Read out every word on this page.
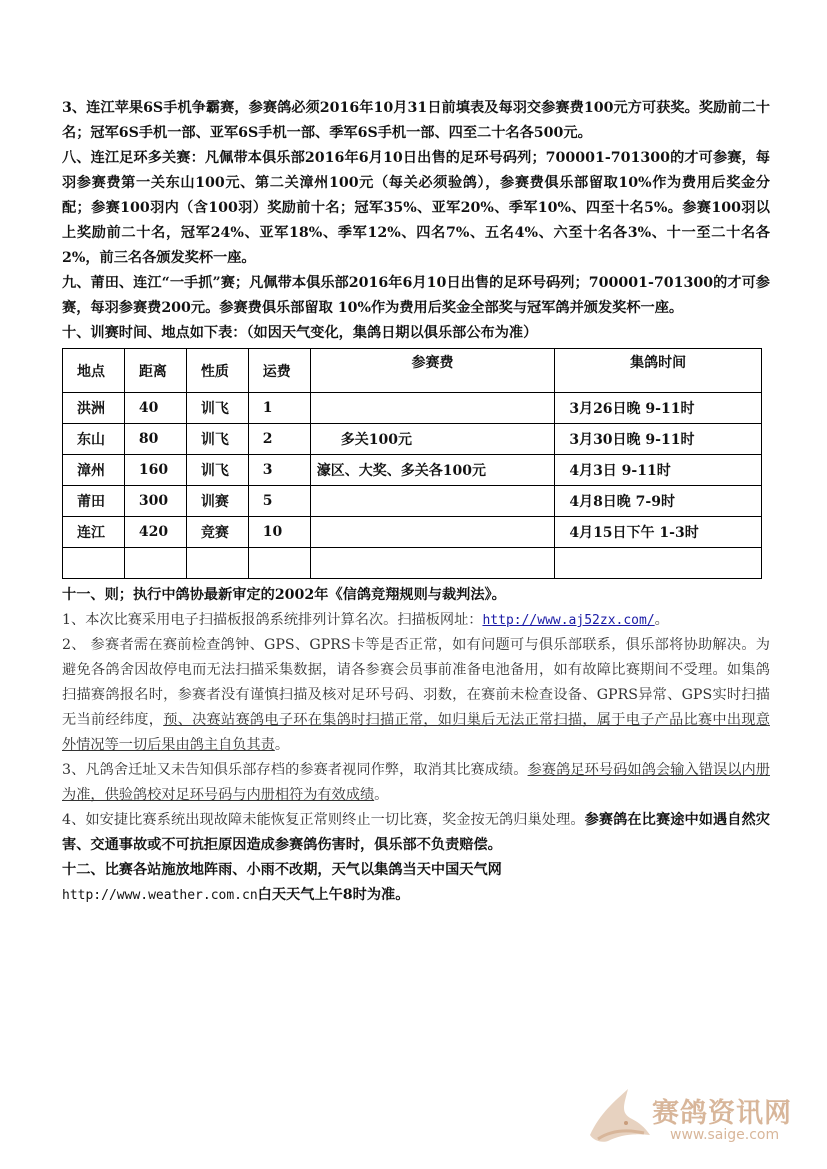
3、连江苹果6S手机争霸赛，参赛鸽必须2016年10月31日前填表及每羽交参赛费100元方可获奖。奖励前二十名；冠军6S手机一部、亚军6S手机一部、季军6S手机一部、四至二十名各500元。

八、连江足环多关赛：凡佩带本俱乐部2016年6月10日出售的足环号码列；700001-701300的才可参赛，每羽参赛费第一关东山100元、第二关漳州100元（每关必须验鸽），参赛费俱乐部留取10%作为费用后奖金分配；参赛100羽内（含100羽）奖励前十名；冠军35%、亚军20%、季军10%、四至十名5%。参赛100羽以上奖励前二十名，冠军24%、亚军18%、季军12%、四名7%、五名4%、六至十名各3%、十一至二十名各2%，前三名各颁发奖杯一座。

九、莆田、连江“一手抓”赛；凡佩带本俱乐部2016年6月10日出售的足环号码列；700001-701300的才可参赛，每羽参赛费200元。参赛费俱乐部留取 10%作为费用后奖金全部奖与冠军鸽并颁发奖杯一座。

十、训赛时间、地点如下表：（如因天气变化，集鸽日期以俱乐部公布为准）

地点	距离	性质	运费	参赛费	集鸽时间
洪洲	40	训飞	1		3月26日晚 9-11时
东山	80	训飞	2	多关100元	3月30日晚 9-11时
漳州	160	训飞	3	濠区、大奖、多关各100元	4月3日 9-11时
莆田	300	训赛	5		4月8日晚 7-9时
连江	420	竞赛	10		4月15日下午 1-3时

十一、则；执行中鸽协最新审定的2002年《信鸽竞翔规则与裁判法》。

1、本次比赛采用电子扫描板报鸽系统排列计算名次。扫描板网址：http://www.aj52zx.com/。

2、 参赛者需在赛前检查鸽钟、GPS、GPRS卡等是否正常，如有问题可与俱乐部联系，俱乐部将协助解决。为避免各鸽舍因故停电而无法扫描采集数据，请各参赛会员事前准备电池备用，如有故障比赛期间不受理。如集鸽扫描赛鸽报名时，参赛者没有谨慎扫描及核对足环号码、羽数，在赛前未检查设备、GPRS异常、GPS实时扫描无当前经纬度，预、决赛站赛鸽电子环在集鸽时扫描正常，如归巢后无法正常扫描，属于电子产品比赛中出现意外情况等一切后果由鸽主自负其责。

3、凡鸽舍迁址又未告知俱乐部存档的参赛者视同作弊，取消其比赛成绩。参赛鸽足环号码如鸽会输入错误以内册为准，供验鸽校对足环号码与内册相符为有效成绩。

4、如安捷比赛系统出现故障未能恢复正常则终止一切比赛，奖金按无鸽归巢处理。参赛鸽在比赛途中如遇自然灾害、交通事故或不可抗拒原因造成参赛鸽伤害时，俱乐部不负责赔偿。

十二、比赛各站施放地阵雨、小雨不改期，天气以集鸽当天中国天气网

http://www.weather.com.cn白天天气上午8时为准。

赛鸽资讯网
www.saige.com
